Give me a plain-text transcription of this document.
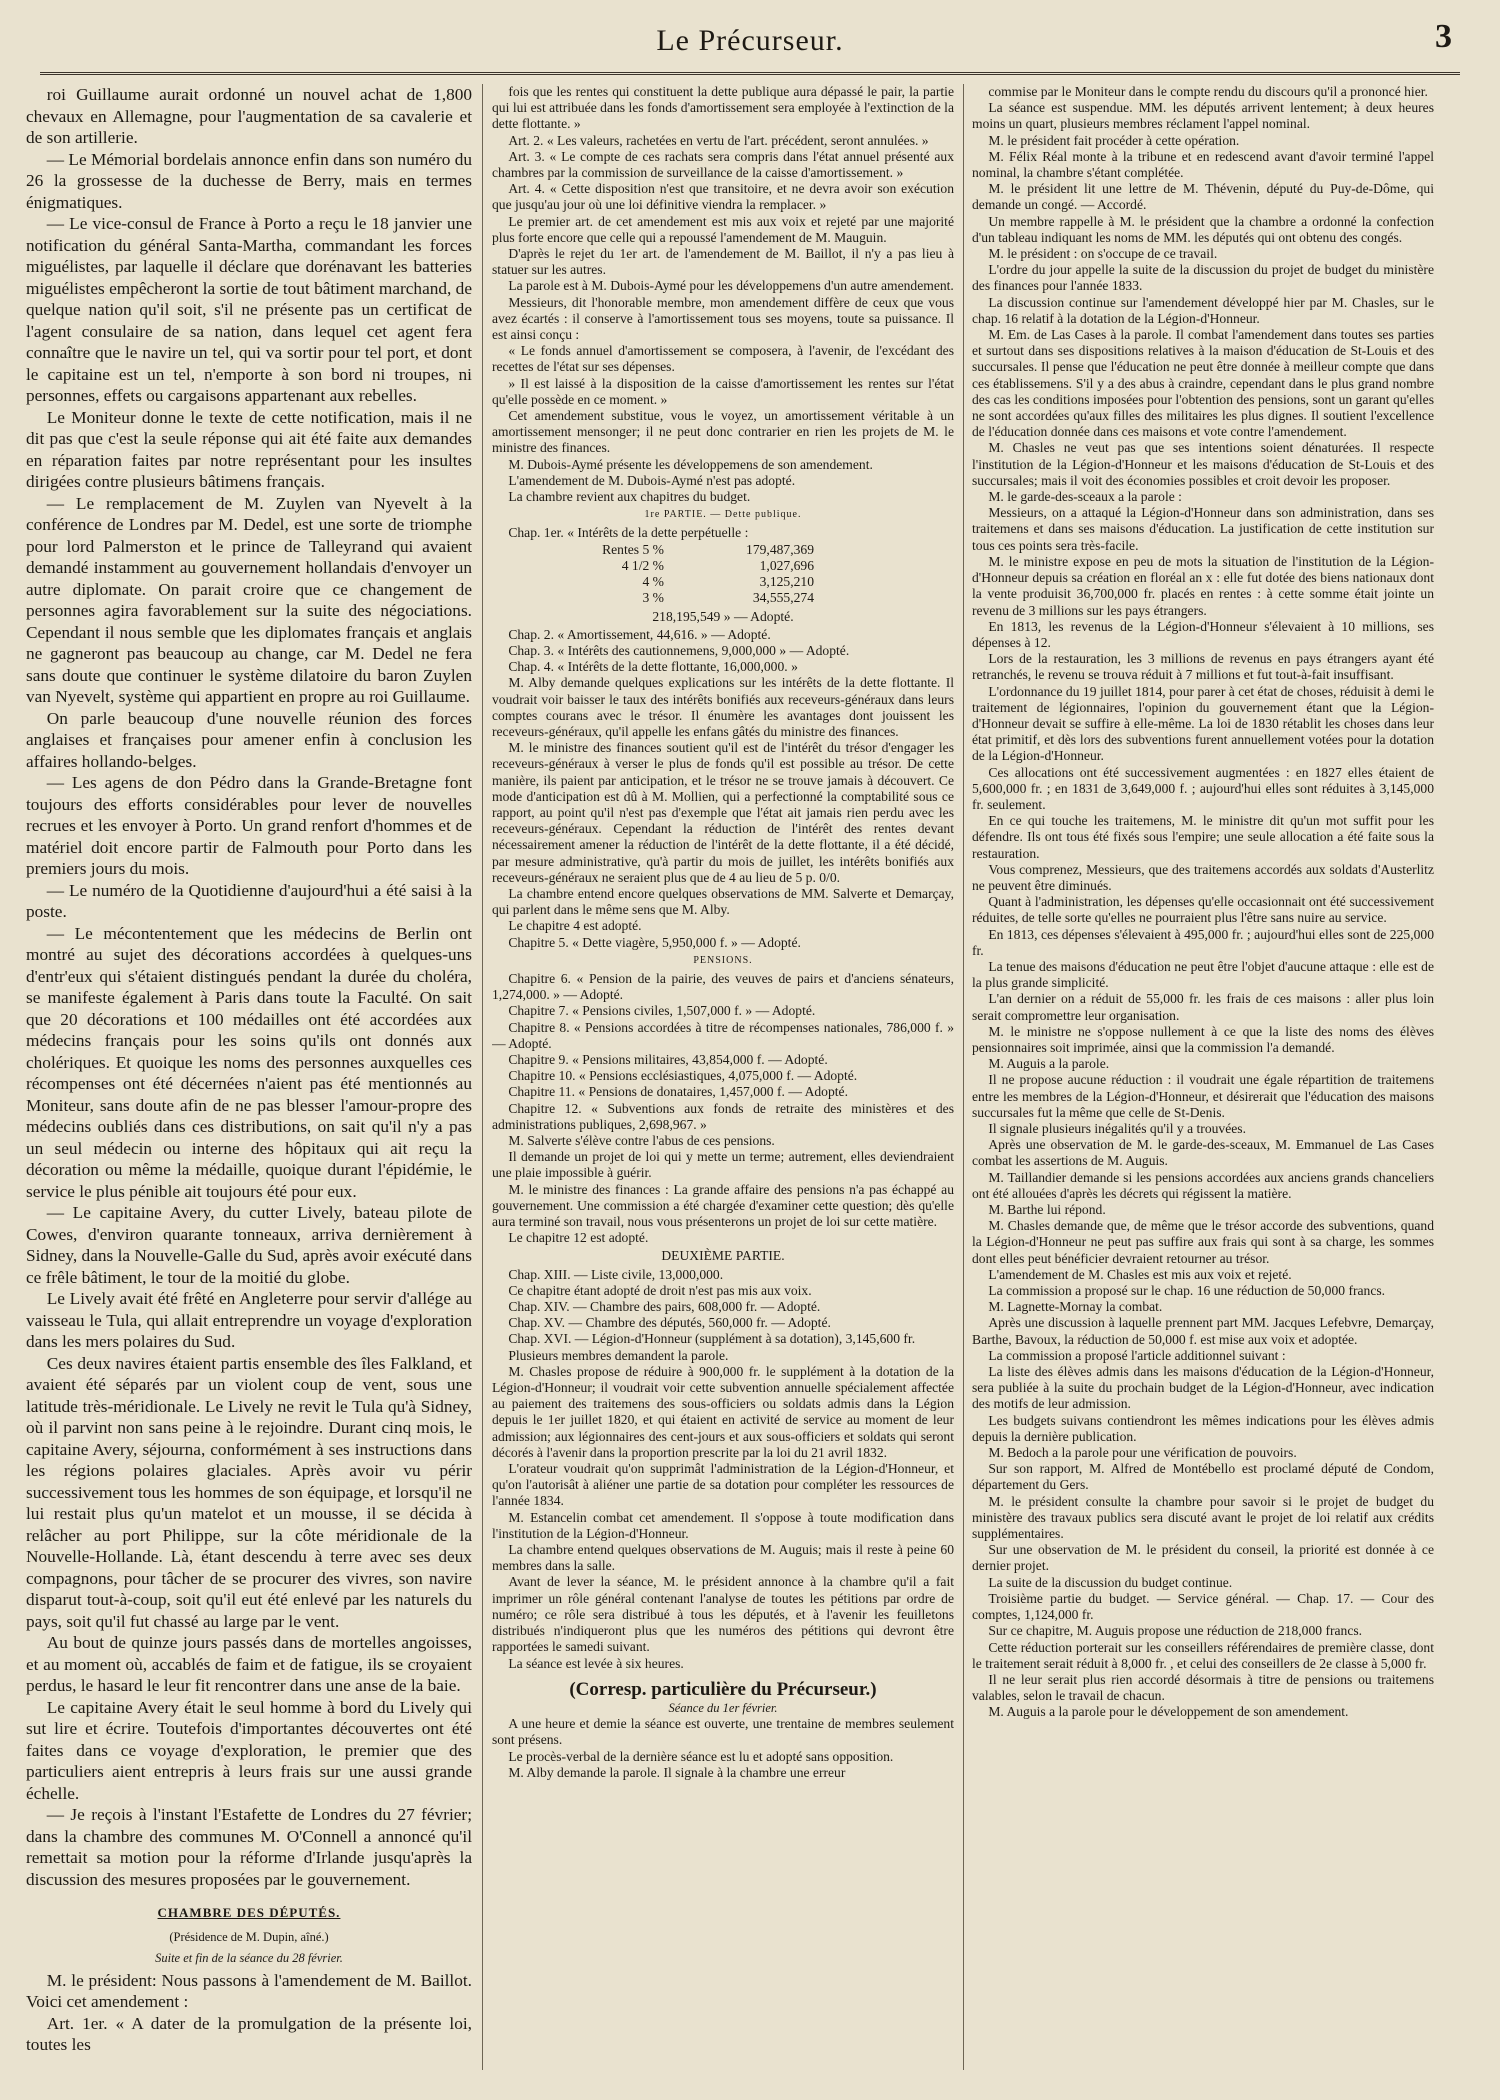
Le Précurseur.	3

roi Guillaume aurait ordonné un nouvel achat de 1,800 chevaux en Allemagne, pour l'augmentation de sa cavalerie et de son artillerie.

— Le Mémorial bordelais annonce enfin dans son numéro du 26 la grossesse de la duchesse de Berry, mais en termes énigmatiques.

— Le vice-consul de France à Porto a reçu le 18 janvier une notification du général Santa-Martha, commandant les forces miguélistes, par laquelle il déclare que dorénavant les batteries miguélistes empêcheront la sortie de tout bâtiment marchand, de quelque nation qu'il soit, s'il ne présente pas un certificat de l'agent consulaire de sa nation, dans lequel cet agent fera connaître que le navire un tel, qui va sortir pour tel port, et dont le capitaine est un tel, n'emporte à son bord ni troupes, ni personnes, effets ou cargaisons appartenant aux rebelles.

Le Moniteur donne le texte de cette notification, mais il ne dit pas que c'est la seule réponse qui ait été faite aux demandes en réparation faites par notre représentant pour les insultes dirigées contre plusieurs bâtimens français.

— Le remplacement de M. Zuylen van Nyevelt à la conférence de Londres par M. Dedel, est une sorte de triomphe pour lord Palmerston et le prince de Talleyrand qui avaient demandé instamment au gouvernement hollandais d'envoyer un autre diplomate. On parait croire que ce changement de personnes agira favorablement sur la suite des négociations. Cependant il nous semble que les diplomates français et anglais ne gagneront pas beaucoup au change, car M. Dedel ne fera sans doute que continuer le système dilatoire du baron Zuylen van Nyevelt, système qui appartient en propre au roi Guillaume.

On parle beaucoup d'une nouvelle réunion des forces anglaises et françaises pour amener enfin à conclusion les affaires hollando-belges.

— Les agens de don Pédro dans la Grande-Bretagne font toujours des efforts considérables pour lever de nouvelles recrues et les envoyer à Porto. Un grand renfort d'hommes et de matériel doit encore partir de Falmouth pour Porto dans les premiers jours du mois.

— Le numéro de la Quotidienne d'aujourd'hui a été saisi à la poste.

— Le mécontentement que les médecins de Berlin ont montré au sujet des décorations accordées à quelques-uns d'entr'eux qui s'étaient distingués pendant la durée du choléra, se manifeste également à Paris dans toute la Faculté. On sait que 20 décorations et 100 médailles ont été accordées aux médecins français pour les soins qu'ils ont donnés aux cholériques. Et quoique les noms des personnes auxquelles ces récompenses ont été décernées n'aient pas été mentionnés au Moniteur, sans doute afin de ne pas blesser l'amour-propre des médecins oubliés dans ces distributions, on sait qu'il n'y a pas un seul médecin ou interne des hôpitaux qui ait reçu la décoration ou même la médaille, quoique durant l'épidémie, le service le plus pénible ait toujours été pour eux.

— Le capitaine Avery, du cutter Lively, bateau pilote de Cowes, d'environ quarante tonneaux, arriva dernièrement à Sidney, dans la Nouvelle-Galle du Sud, après avoir exécuté dans ce frêle bâtiment, le tour de la moitié du globe.

Le Lively avait été frêté en Angleterre pour servir d'allége au vaisseau le Tula, qui allait entreprendre un voyage d'exploration dans les mers polaires du Sud.

Ces deux navires étaient partis ensemble des îles Falkland, et avaient été séparés par un violent coup de vent, sous une latitude très-méridionale. Le Lively ne revit le Tula qu'à Sidney, où il parvint non sans peine à le rejoindre. Durant cinq mois, le capitaine Avery, séjourna, conformément à ses instructions dans les régions polaires glaciales. Après avoir vu périr successivement tous les hommes de son équipage, et lorsqu'il ne lui restait plus qu'un matelot et un mousse, il se décida à relâcher au port Philippe, sur la côte méridionale de la Nouvelle-Hollande. Là, étant descendu à terre avec ses deux compagnons, pour tâcher de se procurer des vivres, son navire disparut tout-à-coup, soit qu'il eut été enlevé par les naturels du pays, soit qu'il fut chassé au large par le vent.

Au bout de quinze jours passés dans de mortelles angoisses, et au moment où, accablés de faim et de fatigue, ils se croyaient perdus, le hasard le leur fit rencontrer dans une anse de la baie.

Le capitaine Avery était le seul homme à bord du Lively qui sut lire et écrire. Toutefois d'importantes découvertes ont été faites dans ce voyage d'exploration, le premier que des particuliers aient entrepris à leurs frais sur une aussi grande échelle.

— Je reçois à l'instant l'Estafette de Londres du 27 février; dans la chambre des communes M. O'Connell a annoncé qu'il remettait sa motion pour la réforme d'Irlande jusqu'après la discussion des mesures proposées par le gouvernement.

CHAMBRE DES DÉPUTÉS.
(Présidence de M. Dupin, aîné.)
Suite et fin de la séance du 28 février.

M. le président: Nous passons à l'amendement de M. Baillot. Voici cet amendement :

Art. 1er. « A dater de la promulgation de la présente loi, toutes les

fois que les rentes qui constituent la dette publique aura dépassé le pair, la partie qui lui est attribuée dans les fonds d'amortissement sera employée à l'extinction de la dette flottante. »

Art. 2. « Les valeurs, rachetées en vertu de l'art. précédent, seront annulées. »

Art. 3. « Le compte de ces rachats sera compris dans l'état annuel présenté aux chambres par la commission de surveillance de la caisse d'amortissement. »

Art. 4. « Cette disposition n'est que transitoire, et ne devra avoir son exécution que jusqu'au jour où une loi définitive viendra la remplacer. »

Le premier art. de cet amendement est mis aux voix et rejeté par une majorité plus forte encore que celle qui a repoussé l'amendement de M. Mauguin.

D'après le rejet du 1er art. de l'amendement de M. Baillot, il n'y a pas lieu à statuer sur les autres.

La parole est à M. Dubois-Aymé pour les développemens d'un autre amendement.

Messieurs, dit l'honorable membre, mon amendement diffère de ceux que vous avez écartés : il conserve à l'amortissement tous ses moyens, toute sa puissance. Il est ainsi conçu :

« Le fonds annuel d'amortissement se composera, à l'avenir, de l'excédant des recettes de l'état sur ses dépenses.

» Il est laissé à la disposition de la caisse d'amortissement les rentes sur l'état qu'elle possède en ce moment. »

Cet amendement substitue, vous le voyez, un amortissement véritable à un amortissement mensonger; il ne peut donc contrarier en rien les projets de M. le ministre des finances.

M. Dubois-Aymé présente les développemens de son amendement.

L'amendement de M. Dubois-Aymé n'est pas adopté.

La chambre revient aux chapitres du budget.

1re PARTIE. — Dette publique.
Chap. 1er. « Intérêts de la dette perpétuelle :
Rentes 5 %	179,487,369
4 1/2 %	1,027,696
4 %	3,125,210
3 %	34,555,274
218,195,549 » — Adopté.

Chap. 2. « Amortissement, 44,616. » — Adopté.

Chap. 3. « Intérêts des cautionnemens, 9,000,000 » — Adopté.

Chap. 4. « Intérêts de la dette flottante, 16,000,000. »

M. Alby demande quelques explications sur les intérêts de la dette flottante. Il voudrait voir baisser le taux des intérêts bonifiés aux receveurs-généraux dans leurs comptes courans avec le trésor. Il énumère les avantages dont jouissent les receveurs-généraux, qu'il appelle les enfans gâtés du ministre des finances.

M. le ministre des finances soutient qu'il est de l'intérêt du trésor d'engager les receveurs-généraux à verser le plus de fonds qu'il est possible au trésor. De cette manière, ils paient par anticipation, et le trésor ne se trouve jamais à découvert. Ce mode d'anticipation est dû à M. Mollien, qui a perfectionné la comptabilité sous ce rapport, au point qu'il n'est pas d'exemple que l'état ait jamais rien perdu avec les receveurs-généraux. Cependant la réduction de l'intérêt des rentes devant nécessairement amener la réduction de l'intérêt de la dette flottante, il a été décidé, par mesure administrative, qu'à partir du mois de juillet, les intérêts bonifiés aux receveurs-généraux ne seraient plus que de 4 au lieu de 5 p. 0/0.

La chambre entend encore quelques observations de MM. Salverte et Demarçay, qui parlent dans le même sens que M. Alby.

Le chapitre 4 est adopté.

Chapitre 5. « Dette viagère, 5,950,000 f. » — Adopté.

PENSIONS.

Chapitre 6. « Pension de la pairie, des veuves de pairs et d'anciens sénateurs, 1,274,000. » — Adopté.

Chapitre 7. « Pensions civiles, 1,507,000 f. » — Adopté.

Chapitre 8. « Pensions accordées à titre de récompenses nationales, 786,000 f. » — Adopté.

Chapitre 9. « Pensions militaires, 43,854,000 f. — Adopté.

Chapitre 10. « Pensions ecclésiastiques, 4,075,000 f. — Adopté.

Chapitre 11. « Pensions de donataires, 1,457,000 f. — Adopté.

Chapitre 12. « Subventions aux fonds de retraite des ministères et des administrations publiques, 2,698,967. »

M. Salverte s'élève contre l'abus de ces pensions.

Il demande un projet de loi qui y mette un terme; autrement, elles deviendraient une plaie impossible à guérir.

M. le ministre des finances : La grande affaire des pensions n'a pas échappé au gouvernement. Une commission a été chargée d'examiner cette question; dès qu'elle aura terminé son travail, nous vous présenterons un projet de loi sur cette matière.

Le chapitre 12 est adopté.

DEUXIÈME PARTIE.

Chap. XIII. — Liste civile, 13,000,000.

Ce chapitre étant adopté de droit n'est pas mis aux voix.

Chap. XIV. — Chambre des pairs, 608,000 fr. — Adopté.

Chap. XV. — Chambre des députés, 560,000 fr. — Adopté.

Chap. XVI. — Légion-d'Honneur (supplément à sa dotation), 3,145,600 fr.

Plusieurs membres demandent la parole.

M. Chasles propose de réduire à 900,000 fr. le supplément à la dotation de la Légion-d'Honneur; il voudrait voir cette subvention annuelle spécialement affectée au paiement des traitemens des sous-officiers ou soldats admis dans la Légion depuis le 1er juillet 1820, et qui étaient en activité de service au moment de leur admission; aux légionnaires des cent-jours et aux sous-officiers et soldats qui seront décorés à l'avenir dans la proportion prescrite par la loi du 21 avril 1832.

L'orateur voudrait qu'on supprimât l'administration de la Légion-d'Honneur, et qu'on l'autorisât à aliéner une partie de sa dotation pour compléter les ressources de l'année 1834.

M. Estancelin combat cet amendement. Il s'oppose à toute modification dans l'institution de la Légion-d'Honneur.

La chambre entend quelques observations de M. Auguis; mais il reste à peine 60 membres dans la salle.

Avant de lever la séance, M. le président annonce à la chambre qu'il a fait imprimer un rôle général contenant l'analyse de toutes les pétitions par ordre de numéro; ce rôle sera distribué à tous les députés, et à l'avenir les feuilletons distribués n'indiqueront plus que les numéros des pétitions qui devront être rapportées le samedi suivant.

La séance est levée à six heures.

(Corresp. particulière du Précurseur.)
Séance du 1er février.

A une heure et demie la séance est ouverte, une trentaine de membres seulement sont présens.

Le procès-verbal de la dernière séance est lu et adopté sans opposition.

M. Alby demande la parole. Il signale à la chambre une erreur

commise par le Moniteur dans le compte rendu du discours qu'il a prononcé hier.

La séance est suspendue. MM. les députés arrivent lentement; à deux heures moins un quart, plusieurs membres réclament l'appel nominal.

M. le président fait procéder à cette opération.

M. Félix Réal monte à la tribune et en redescend avant d'avoir terminé l'appel nominal, la chambre s'étant complétée.

M. le président lit une lettre de M. Thévenin, député du Puy-de-Dôme, qui demande un congé. — Accordé.

Un membre rappelle à M. le président que la chambre a ordonné la confection d'un tableau indiquant les noms de MM. les députés qui ont obtenu des congés.

M. le président : on s'occupe de ce travail.

L'ordre du jour appelle la suite de la discussion du projet de budget du ministère des finances pour l'année 1833.

La discussion continue sur l'amendement développé hier par M. Chasles, sur le chap. 16 relatif à la dotation de la Légion-d'Honneur.

M. Em. de Las Cases à la parole. Il combat l'amendement dans toutes ses parties et surtout dans ses dispositions relatives à la maison d'éducation de St-Louis et des succursales. Il pense que l'éducation ne peut être donnée à meilleur compte que dans ces établissemens. S'il y a des abus à craindre, cependant dans le plus grand nombre des cas les conditions imposées pour l'obtention des pensions, sont un garant qu'elles ne sont accordées qu'aux filles des militaires les plus dignes. Il soutient l'excellence de l'éducation donnée dans ces maisons et vote contre l'amendement.

M. Chasles ne veut pas que ses intentions soient dénaturées. Il respecte l'institution de la Légion-d'Honneur et les maisons d'éducation de St-Louis et des succursales; mais il voit des économies possibles et croit devoir les proposer.

M. le garde-des-sceaux a la parole :

Messieurs, on a attaqué la Légion-d'Honneur dans son administration, dans ses traitemens et dans ses maisons d'éducation. La justification de cette institution sur tous ces points sera très-facile.

M. le ministre expose en peu de mots la situation de l'institution de la Légion-d'Honneur depuis sa création en floréal an x : elle fut dotée des biens nationaux dont la vente produisit 36,700,000 fr. placés en rentes : à cette somme était jointe un revenu de 3 millions sur les pays étrangers.

En 1813, les revenus de la Légion-d'Honneur s'élevaient à 10 millions, ses dépenses à 12.

Lors de la restauration, les 3 millions de revenus en pays étrangers ayant été retranchés, le revenu se trouva réduit à 7 millions et fut tout-à-fait insuffisant.

L'ordonnance du 19 juillet 1814, pour parer à cet état de choses, réduisit à demi le traitement de légionnaires, l'opinion du gouvernement étant que la Légion-d'Honneur devait se suffire à elle-même. La loi de 1830 rétablit les choses dans leur état primitif, et dès lors des subventions furent annuellement votées pour la dotation de la Légion-d'Honneur.

Ces allocations ont été successivement augmentées : en 1827 elles étaient de 5,600,000 fr. ; en 1831 de 3,649,000 f. ; aujourd'hui elles sont réduites à 3,145,000 fr. seulement.

En ce qui touche les traitemens, M. le ministre dit qu'un mot suffit pour les défendre. Ils ont tous été fixés sous l'empire; une seule allocation a été faite sous la restauration.

Vous comprenez, Messieurs, que des traitemens accordés aux soldats d'Austerlitz ne peuvent être diminués.

Quant à l'administration, les dépenses qu'elle occasionnait ont été successivement réduites, de telle sorte qu'elles ne pourraient plus l'être sans nuire au service.

En 1813, ces dépenses s'élevaient à 495,000 fr. ; aujourd'hui elles sont de 225,000 fr.

La tenue des maisons d'éducation ne peut être l'objet d'aucune attaque : elle est de la plus grande simplicité.

L'an dernier on a réduit de 55,000 fr. les frais de ces maisons : aller plus loin serait compromettre leur organisation.

M. le ministre ne s'oppose nullement à ce que la liste des noms des élèves pensionnaires soit imprimée, ainsi que la commission l'a demandé.

M. Auguis a la parole.

Il ne propose aucune réduction : il voudrait une égale répartition de traitemens entre les membres de la Légion-d'Honneur, et désirerait que l'éducation des maisons succursales fut la même que celle de St-Denis.

Il signale plusieurs inégalités qu'il y a trouvées.

Après une observation de M. le garde-des-sceaux, M. Emmanuel de Las Cases combat les assertions de M. Auguis.

M. Taillandier demande si les pensions accordées aux anciens grands chanceliers ont été allouées d'après les décrets qui régissent la matière.

M. Barthe lui répond.

M. Chasles demande que, de même que le trésor accorde des subventions, quand la Légion-d'Honneur ne peut pas suffire aux frais qui sont à sa charge, les sommes dont elles peut bénéficier devraient retourner au trésor.

L'amendement de M. Chasles est mis aux voix et rejeté.

La commission a proposé sur le chap. 16 une réduction de 50,000 francs.

M. Lagnette-Mornay la combat.

Après une discussion à laquelle prennent part MM. Jacques Lefebvre, Demarçay, Barthe, Bavoux, la réduction de 50,000 f. est mise aux voix et adoptée.

La commission a proposé l'article additionnel suivant :

La liste des élèves admis dans les maisons d'éducation de la Légion-d'Honneur, sera publiée à la suite du prochain budget de la Légion-d'Honneur, avec indication des motifs de leur admission.

Les budgets suivans contiendront les mêmes indications pour les élèves admis depuis la dernière publication.

M. Bedoch a la parole pour une vérification de pouvoirs.

Sur son rapport, M. Alfred de Montébello est proclamé député de Condom, département du Gers.

M. le président consulte la chambre pour savoir si le projet de budget du ministère des travaux publics sera discuté avant le projet de loi relatif aux crédits supplémentaires.

Sur une observation de M. le président du conseil, la priorité est donnée à ce dernier projet.

La suite de la discussion du budget continue.

Troisième partie du budget. — Service général. — Chap. 17. — Cour des comptes, 1,124,000 fr.

Sur ce chapitre, M. Auguis propose une réduction de 218,000 francs.

Cette réduction porterait sur les conseillers référendaires de première classe, dont le traitement serait réduit à 8,000 fr. , et celui des conseillers de 2e classe à 5,000 fr.

Il ne leur serait plus rien accordé désormais à titre de pensions ou traitemens valables, selon le travail de chacun.

M. Auguis a la parole pour le développement de son amendement.
